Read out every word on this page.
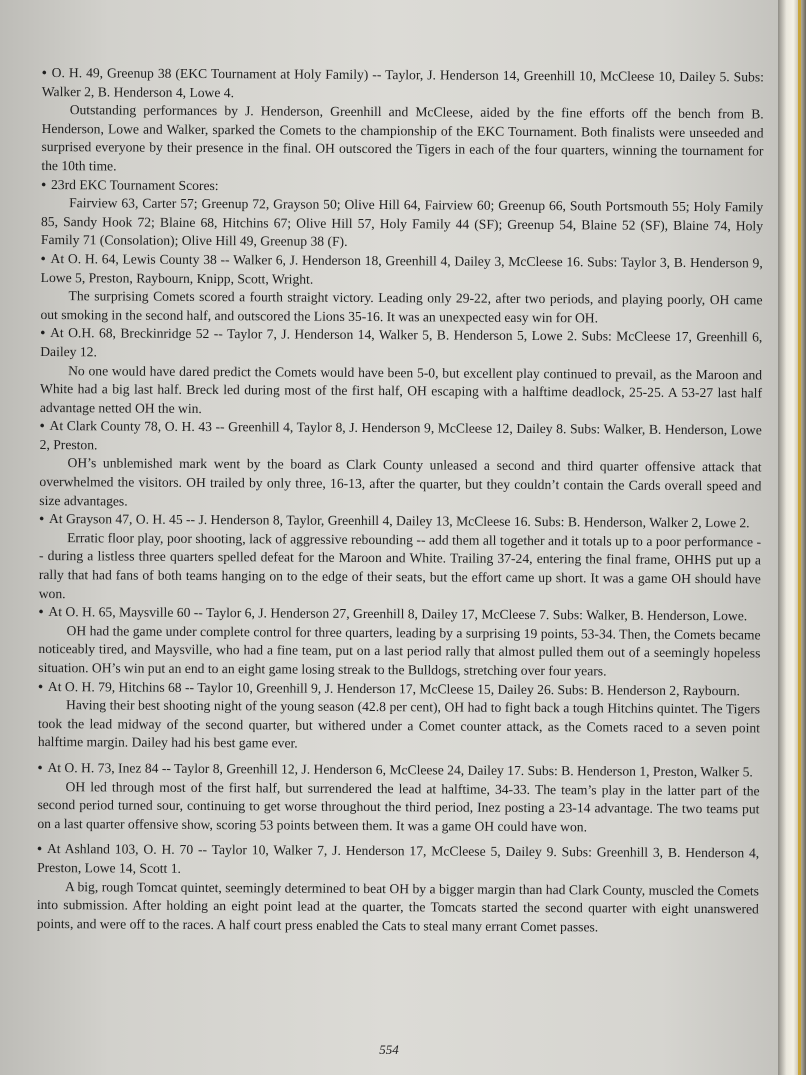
• O. H. 49, Greenup 38 (EKC Tournament at Holy Family) -- Taylor, J. Henderson 14, Greenhill 10, McCleese 10, Dailey 5. Subs: Walker 2, B. Henderson 4, Lowe 4.

Outstanding performances by J. Henderson, Greenhill and McCleese, aided by the fine efforts off the bench from B. Henderson, Lowe and Walker, sparked the Comets to the championship of the EKC Tournament. Both finalists were unseeded and surprised everyone by their presence in the final. OH outscored the Tigers in each of the four quarters, winning the tournament for the 10th time.

• 23rd EKC Tournament Scores:

Fairview 63, Carter 57; Greenup 72, Grayson 50; Olive Hill 64, Fairview 60; Greenup 66, South Portsmouth 55; Holy Family 85, Sandy Hook 72; Blaine 68, Hitchins 67; Olive Hill 57, Holy Family 44 (SF); Greenup 54, Blaine 52 (SF), Blaine 74, Holy Family 71 (Consolation); Olive Hill 49, Greenup 38 (F).

• At O. H. 64, Lewis County 38 -- Walker 6, J. Henderson 18, Greenhill 4, Dailey 3, McCleese 16. Subs: Taylor 3, B. Henderson 9, Lowe 5, Preston, Raybourn, Knipp, Scott, Wright.

The surprising Comets scored a fourth straight victory. Leading only 29-22, after two periods, and playing poorly, OH came out smoking in the second half, and outscored the Lions 35-16. It was an unexpected easy win for OH.

• At O.H. 68, Breckinridge 52 -- Taylor 7, J. Henderson 14, Walker 5, B. Henderson 5, Lowe 2. Subs: McCleese 17, Greenhill 6, Dailey 12.

No one would have dared predict the Comets would have been 5-0, but excellent play continued to prevail, as the Maroon and White had a big last half. Breck led during most of the first half, OH escaping with a halftime deadlock, 25-25. A 53-27 last half advantage netted OH the win.

• At Clark County 78, O. H. 43 -- Greenhill 4, Taylor 8, J. Henderson 9, McCleese 12, Dailey 8. Subs: Walker, B. Henderson, Lowe 2, Preston.

OH’s unblemished mark went by the board as Clark County unleased a second and third quarter offensive attack that overwhelmed the visitors. OH trailed by only three, 16-13, after the quarter, but they couldn’t contain the Cards overall speed and size advantages.

• At Grayson 47, O. H. 45 -- J. Henderson 8, Taylor, Greenhill 4, Dailey 13, McCleese 16. Subs: B. Henderson, Walker 2, Lowe 2.

Erratic floor play, poor shooting, lack of aggressive rebounding -- add them all together and it totals up to a poor performance -- during a listless three quarters spelled defeat for the Maroon and White. Trailing 37-24, entering the final frame, OHHS put up a rally that had fans of both teams hanging on to the edge of their seats, but the effort came up short. It was a game OH should have won.

• At O. H. 65, Maysville 60 -- Taylor 6, J. Henderson 27, Greenhill 8, Dailey 17, McCleese 7. Subs: Walker, B. Henderson, Lowe.

OH had the game under complete control for three quarters, leading by a surprising 19 points, 53-34. Then, the Comets became noticeably tired, and Maysville, who had a fine team, put on a last period rally that almost pulled them out of a seemingly hopeless situation. OH’s win put an end to an eight game losing streak to the Bulldogs, stretching over four years.

• At O. H. 79, Hitchins 68 -- Taylor 10, Greenhill 9, J. Henderson 17, McCleese 15, Dailey 26. Subs: B. Henderson 2, Raybourn.

Having their best shooting night of the young season (42.8 per cent), OH had to fight back a tough Hitchins quintet. The Tigers took the lead midway of the second quarter, but withered under a Comet counter attack, as the Comets raced to a seven point halftime margin. Dailey had his best game ever.

• At O. H. 73, Inez 84 -- Taylor 8, Greenhill 12, J. Henderson 6, McCleese 24, Dailey 17. Subs: B. Henderson 1, Preston, Walker 5.

OH led through most of the first half, but surrendered the lead at halftime, 34-33. The team’s play in the latter part of the second period turned sour, continuing to get worse throughout the third period, Inez posting a 23-14 advantage. The two teams put on a last quarter offensive show, scoring 53 points between them. It was a game OH could have won.

• At Ashland 103, O. H. 70 -- Taylor 10, Walker 7, J. Henderson 17, McCleese 5, Dailey 9. Subs: Greenhill 3, B. Henderson 4, Preston, Lowe 14, Scott 1.

A big, rough Tomcat quintet, seemingly determined to beat OH by a bigger margin than had Clark County, muscled the Comets into submission. After holding an eight point lead at the quarter, the Tomcats started the second quarter with eight unanswered points, and were off to the races. A half court press enabled the Cats to steal many errant Comet passes.

554
